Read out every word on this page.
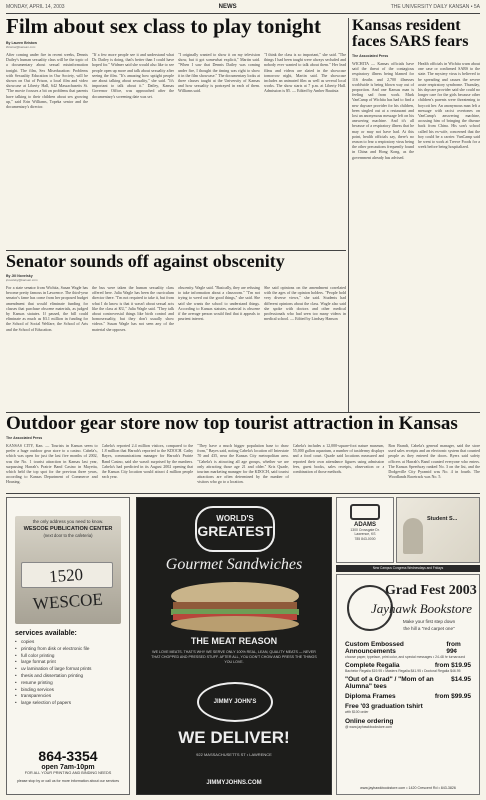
MONDAY, APRIL 14, 2003	NEWS	THE UNIVERSITY DAILY KANSAN • 5A
Film about sex class to play tonight
By Lauren Bristow
lbristow@kansan.com
After coming under fire in recent weeks, Dennis Dailey's human sexuality class will be the topic of a documentary about sexual misinformation tonight. The film, Sex Miseducation: Problems with Sexuality Education in Our Society, will be shown on Out of Prison, a local film and video showcase at Liberty Hall, 642 Massachusetts St. "The movie focuses a bit on problems that parents have talking to their children about sex growing up," said Erin Williams, Topeka senior and the documentary's director.
"If a few more people see it and understand what Dr. Dailey is doing, that's better than I could have hoped for." Widmer said she would also like to see people open up more and talk about sexuality after seeing the film. "It's amazing how uptight people are about talking about sexuality," she said. "It's important to talk about it." Dailey, Kansas Governor Office, was approached after the documentary's screening date was set.
"I originally wanted to show it on my television show, but it got somewhat explicit," Martin said. "When I saw that Dennis Dailey was coming under fire, I thought the timing was right to show it in the film showcase." The documentary looks at three classes taught at the University of Kansas and how sexuality is portrayed in each of them. Williams said.
"I think the class is so important," she said. "The things I had been taught were always secluded and nobody ever wanted to talk about them." Her lead films and videos are slated in the showcase tomorrow night, Martin said. The showcase includes an animated film as well as several local works. The show starts at 7 p.m. at Liberty Hall. Admission is $5. — Edited by Amber Bautista
Kansas resident faces SARS fears
The Associated Press
WICHITA — Kansas officials have said the threat of the contagious respiratory illness being blamed for 116 deaths and 2,700 illnesses worldwide is being blown way out of proportion. And one Kansas man is feeling sad from work. Mark VanCamp of Wichita has had to find a new daycare provider for his children, been singled out at a restaurant and lost an anonymous message left on his answering machine. And it's all because of a respiratory illness that he may or may not have had. At this point, health officials say, there's no reason to fear a respiratory virus being the other precautions frequently found in China and Hong Kong, as the government already has advised.
Health officials in Wichita warn about one case or confirmed SARS to the state. The mystery virus is believed to be spreading and causes the severe acute respiratory syndrome. Thursday, his daycare provider said she could no longer care for the girls because other children's parents were threatening to boycott her. An anonymous man left a message with racist overtones on VanCamp's answering machine, accusing him of bringing the disease back from China. His son's school called his ex-wife, concerned that the boy could be a carrier. VanCamp said he went to work at Treece Foods for a week before being hospitalized.
Senator sounds off against obscenity
By Jill Novelsky
jnovelsky@kansan.com
For a state senator from Wichita, Susan Wagle has become pretty famous in Lawrence. The third-year senator's fame has come from her proposed budget amendment that would eliminate funding for classes that purchase obscene materials, as judged by Kansas statutes. If passed, the bill could eliminate as much as $3.1 million in funding for the School of Social Welfare, the School of Arts and the School of Education.
the bus were taken the human sexuality class offered here. Julia Wagle has been the curriculum director there. "I'm not required to take it, but from what I do know is that it wasn't about sexual acts like the class at KU," Julia Wagle said. "They talk about controversial things like birth control and homosexuality, but they don't usually show videos." Susan Wagle has not seen any of the material she opposes.
obscenity. Wagle said. "Basically, they are refusing to take information about a classroom." "I'm not trying to weed out the good things," she said. She said she wants the school to understand things. According to Kansas statutes, material is obscene if the average person would find that it appeals to prurient interest.
She said opinions on the amendment correlated with the ages of the opinion holders. "People hold very diverse views," she said. Students had different opinions about the class. Wagle also said she spoke with doctors and other medical professionals who had seen too many videos in medical school. — Edited by Lindsay Hanson
Outdoor gear store now top tourist attraction in Kansas
The Associated Press
KANSAS CITY, Kan. — Tourists in Kansas seem to prefer a huge outdoor gear store to a casino. Cabela's, which was open for just the last five months of 2002, was the No. 1 tourist attraction in Kansas last year, surpassing Harrah's Prairie Band Casino in Mayetta, which held the top spot for the previous three years, according to Kansas Department of Commerce and Housing.
Cabela's reported 2.4 million visitors, compared to the 1.8 million that Harrah's reported to the KDOCH. Cathy Bayes, communications manager for Harrah's Prairie Band Casino, said she wasn't surprised by the numbers. Cabela's had predicted in its August 2002 opening that the Kansas City location would attract 4 million people each year.
"They have a much bigger population base to draw from," Bayes said, noting Cabela's location off Interstate 70 and 435, near the Kansas City metropolitan area. "Cabela's is attracting all age groups, whether we are only attracting those age 21 and older." Kris Quade, tourism marketing manager for the KDOCH, said tourist attractions are often determined by the number of visitors who go to a location.
Cabela's includes a 12,000-square-foot nature museum, 55,000 gallon aquarium, a number of taxidermy displays and a food court. Quade said locations measured and reported their own attendance figures using admission fees, guest books, sales receipts, observation or a combination of those methods.
Ron Brandt, Cabela's general manager, said the store used sales receipts and an electronic system that counted people as they entered the doors. Byers said safety officers at Harrah's Band counted everyone who enters. The Kansas Speedway ranked No. 3 on the list, and the Dodgeville City Pyramid was No. 4 in fourth. The Woodlands Racetrack was No. 5.
the only address you need to know.
WESCOE PUBLICATION CENTER
(next door to the cafeteria)
1520 WESCOE
services available:
• copies
• printing from disk or electronic file
• full color printing
• large format print
• uv lamination of large format prints
• thesis and dissertation printing
• resume printing
• binding services
• transparencies
• large selection of papers
864-3354
open 7am-10pm
FOR ALL YOUR PRINTING AND BINDING NEEDS
please stop by or call us for more information about our services
WORLD'S
GREATEST
Gourmet Sandwiches
THE MEAT REASON
WE LOVE MEATS. THAT'S WHY WE SERVE ONLY 100% REAL, LEAN, QUALITY MEATS — NEVER THAT CHOPPED AND PRESSED STUFF. AFTER ALL, YOU DON'T CHOW AND PRESS THE THINGS YOU LOVE.
JIMMY JOHN'S
WE DELIVER!
922 MASSACHUSETTS ST • LAWRENCE
JIMMYJOHNS.COM
ADAMS
1300 Crossgate Dr.
Lawrence, KS
785 843-0000
Student S...
New Campus Congress Wednesdays and Fridays
Grad Fest 2003
Jayhawk Bookstore
Make your first step down
the hill a "red carpet one"
Custom Embossed Announcements
from 99¢
choose paper, typeface, print color, and special messages • 24-48 hr turnaround
Complete Regalia	from $19.95
Bachelor Regalia $19.95 • Masters Regalia $41.95 • Doctoral Regalia $46.95
"Out of a Grad" / "Mom of an Alumna" tees
$14.95
Diploma Frames	from $99.95
Free '03 graduation tshirt
with $100 order
Online ordering
@ www.jayhawkbookstore.com
www.jayhawkbookstore.com • 1420 Crescent Rd • 843-3826
